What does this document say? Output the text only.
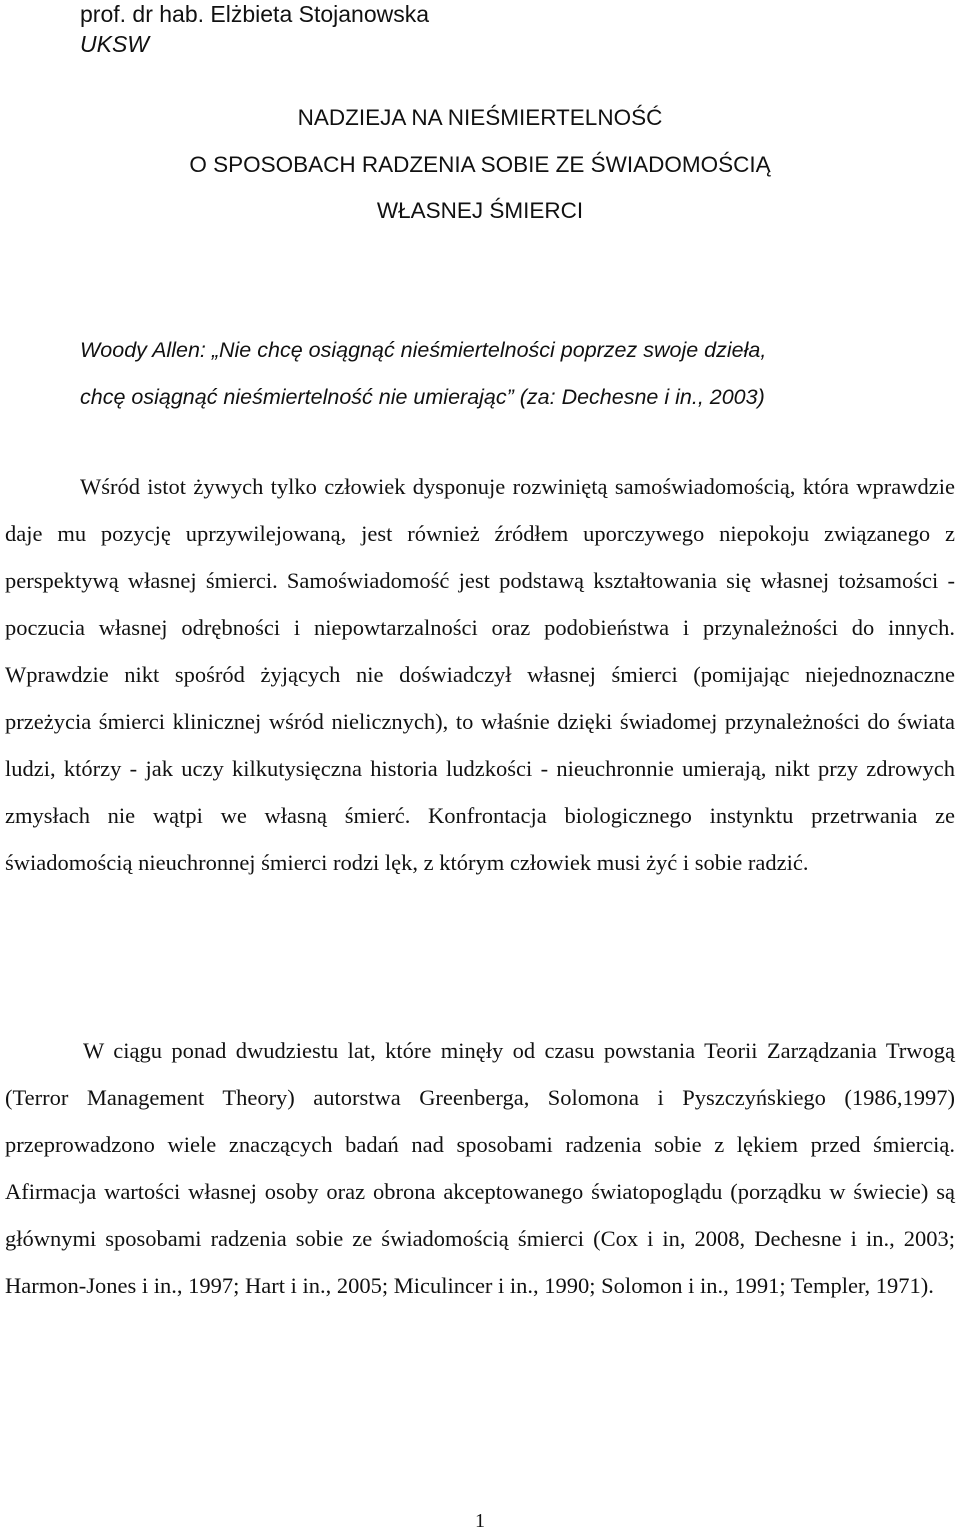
prof. dr hab. Elżbieta Stojanowska
UKSW
NADZIEJA NA NIEŚMIERTELNOŚĆ
O SPOSOBACH RADZENIA SOBIE ZE ŚWIADOMOŚCIĄ
WŁASNEJ ŚMIERCI
Woody Allen: „Nie chcę osiągnąć nieśmiertelności poprzez swoje dzieła,
chcę osiągnąć nieśmiertelność nie umierając” (za: Dechesne i in., 2003)
Wśród istot żywych tylko człowiek dysponuje rozwiniętą samoświadomością, która wprawdzie daje mu pozycję uprzywilejowaną, jest również źródłem uporczywego niepokoju związanego z perspektywą własnej śmierci. Samoświadomość jest podstawą kształtowania się własnej tożsamości - poczucia własnej odrębności i niepowtarzalności oraz podobieństwa i przynależności do innych. Wprawdzie nikt spośród żyjących nie doświadczył własnej śmierci (pomijając niejednoznaczne przeżycia śmierci klinicznej wśród nielicznych), to właśnie dzięki świadomej przynależności do świata ludzi, którzy - jak uczy kilkutysięczna historia ludzkości - nieuchronnie umierają, nikt przy zdrowych zmysłach nie wątpi we własną śmierć. Konfrontacja biologicznego instynktu przetrwania ze świadomością nieuchronnej śmierci rodzi lęk, z którym człowiek musi żyć i sobie radzić.
W ciągu ponad dwudziestu lat, które minęły od czasu powstania Teorii Zarządzania Trwogą (Terror Management Theory) autorstwa Greenberga, Solomona i Pyszczyńskiego (1986,1997) przeprowadzono wiele znaczących badań nad sposobami radzenia sobie z lękiem przed śmiercią. Afirmacja wartości własnej osoby oraz obrona akceptowanego światopoglądu (porządku w świecie) są głównymi sposobami radzenia sobie ze świadomością śmierci (Cox i in, 2008, Dechesne i in., 2003; Harmon-Jones i in., 1997; Hart i in., 2005; Miculincer i in., 1990; Solomon i in., 1991; Templer, 1971).
1
